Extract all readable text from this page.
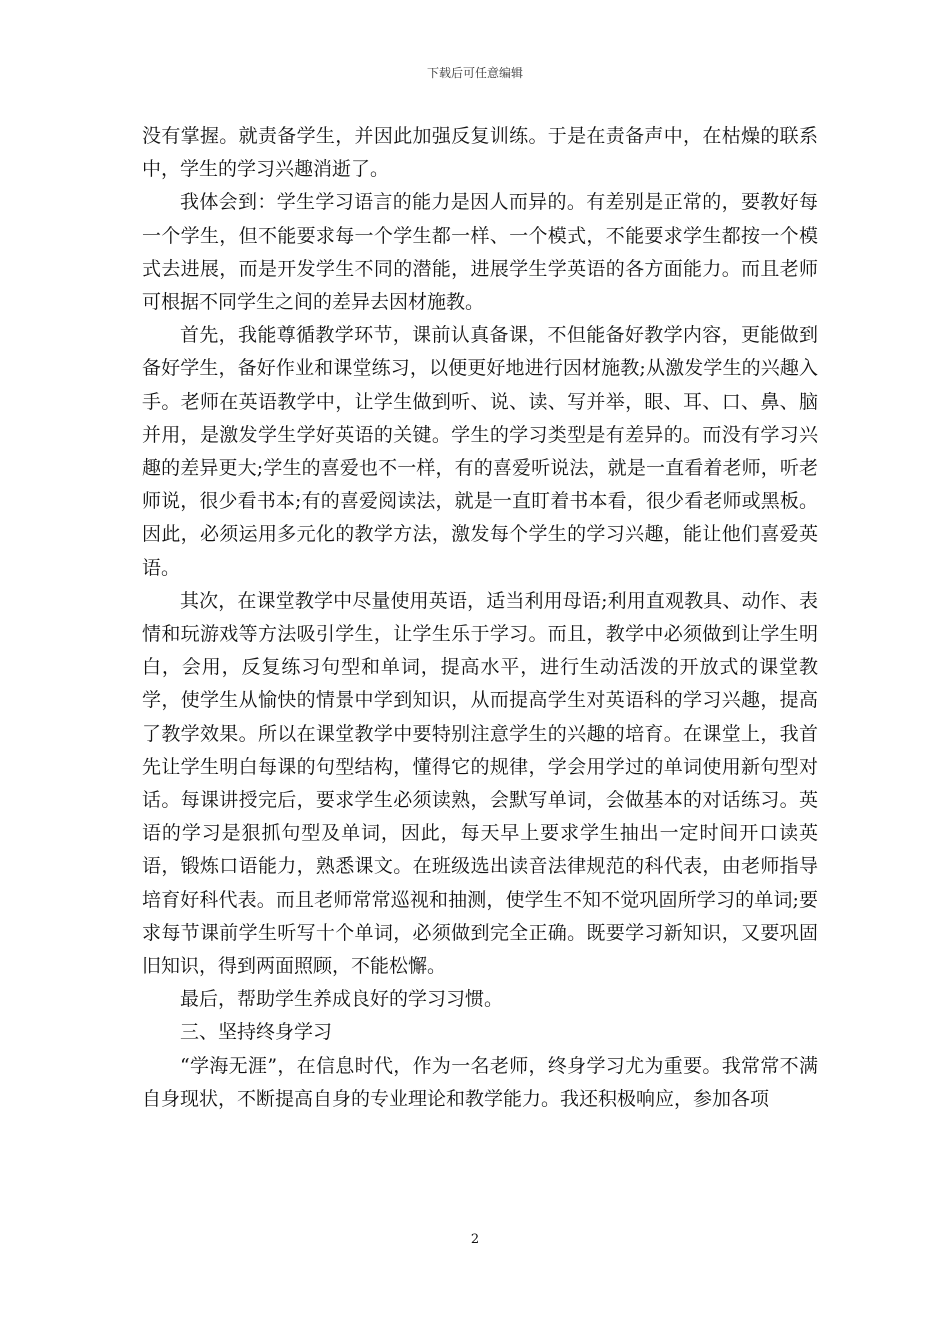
下载后可任意编辑

没有掌握。就责备学生，并因此加强反复训练。于是在责备声中，在枯燥的联系中，学生的学习兴趣消逝了。

我体会到：学生学习语言的能力是因人而异的。有差别是正常的，要教好每一个学生，但不能要求每一个学生都一样、一个模式，不能要求学生都按一个模式去进展，而是开发学生不同的潜能，进展学生学英语的各方面能力。而且老师可根据不同学生之间的差异去因材施教。

首先，我能尊循教学环节，课前认真备课，不但能备好教学内容，更能做到备好学生，备好作业和课堂练习，以便更好地进行因材施教;从激发学生的兴趣入手。老师在英语教学中，让学生做到听、说、读、写并举，眼、耳、口、鼻、脑并用，是激发学生学好英语的关键。学生的学习类型是有差异的。而没有学习兴趣的差异更大;学生的喜爱也不一样，有的喜爱听说法，就是一直看着老师，听老师说，很少看书本;有的喜爱阅读法，就是一直盯着书本看，很少看老师或黑板。因此，必须运用多元化的教学方法，激发每个学生的学习兴趣，能让他们喜爱英语。

其次，在课堂教学中尽量使用英语，适当利用母语;利用直观教具、动作、表情和玩游戏等方法吸引学生，让学生乐于学习。而且，教学中必须做到让学生明白，会用，反复练习句型和单词，提高水平，进行生动活泼的开放式的课堂教学，使学生从愉快的情景中学到知识，从而提高学生对英语科的学习兴趣，提高了教学效果。所以在课堂教学中要特别注意学生的兴趣的培育。在课堂上，我首先让学生明白每课的句型结构，懂得它的规律，学会用学过的单词使用新句型对话。每课讲授完后，要求学生必须读熟，会默写单词，会做基本的对话练习。英语的学习是狠抓句型及单词，因此，每天早上要求学生抽出一定时间开口读英语，锻炼口语能力，熟悉课文。在班级选出读音法律规范的科代表，由老师指导培育好科代表。而且老师常常巡视和抽测，使学生不知不觉巩固所学习的单词;要求每节课前学生听写十个单词，必须做到完全正确。既要学习新知识，又要巩固旧知识，得到两面照顾，不能松懈。

最后，帮助学生养成良好的学习习惯。

三、坚持终身学习

“学海无涯”，在信息时代，作为一名老师，终身学习尤为重要。我常常不满自身现状，不断提高自身的专业理论和教学能力。我还积极响应，参加各项

2
